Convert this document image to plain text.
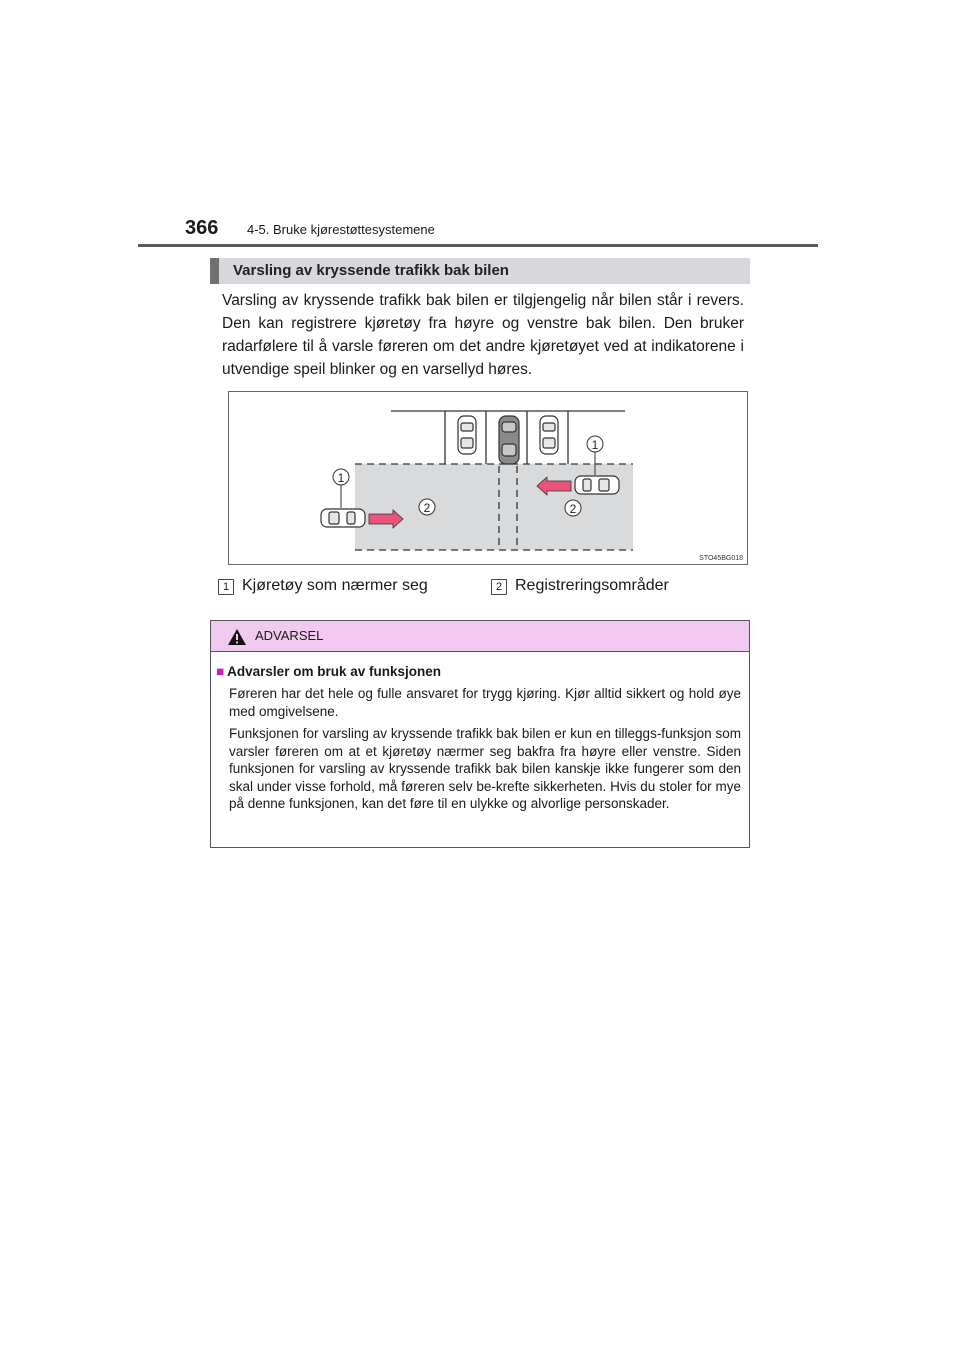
366 4-5. Bruke kjørestøttesystemene
Varsling av kryssende trafikk bak bilen

Varsling av kryssende trafikk bak bilen er tilgjengelig når bilen står i revers. Den kan registrere kjøretøy fra høyre og venstre bak bilen. Den bruker radarfølere til å varsle føreren om det andre kjøretøyet ved at indikatorene i utvendige speil blinker og en varsellyd høres.

1
1
2	2
STO45BG018
1 Kjøretøy som nærmer seg	2 Registreringsområder
ADVARSEL
■ Advarsler om bruk av funksjonen

Føreren har det hele og fulle ansvaret for trygg kjøring. Kjør alltid sikkert og hold øye med omgivelsene.

Funksjonen for varsling av kryssende trafikk bak bilen er kun en tilleggs-funksjon som varsler føreren om at et kjøretøy nærmer seg bakfra fra høyre eller venstre. Siden funksjonen for varsling av kryssende trafikk bak bilen kanskje ikke fungerer som den skal under visse forhold, må føreren selv be-krefte sikkerheten. Hvis du stoler for mye på denne funksjonen, kan det føre til en ulykke og alvorlige personskader.
